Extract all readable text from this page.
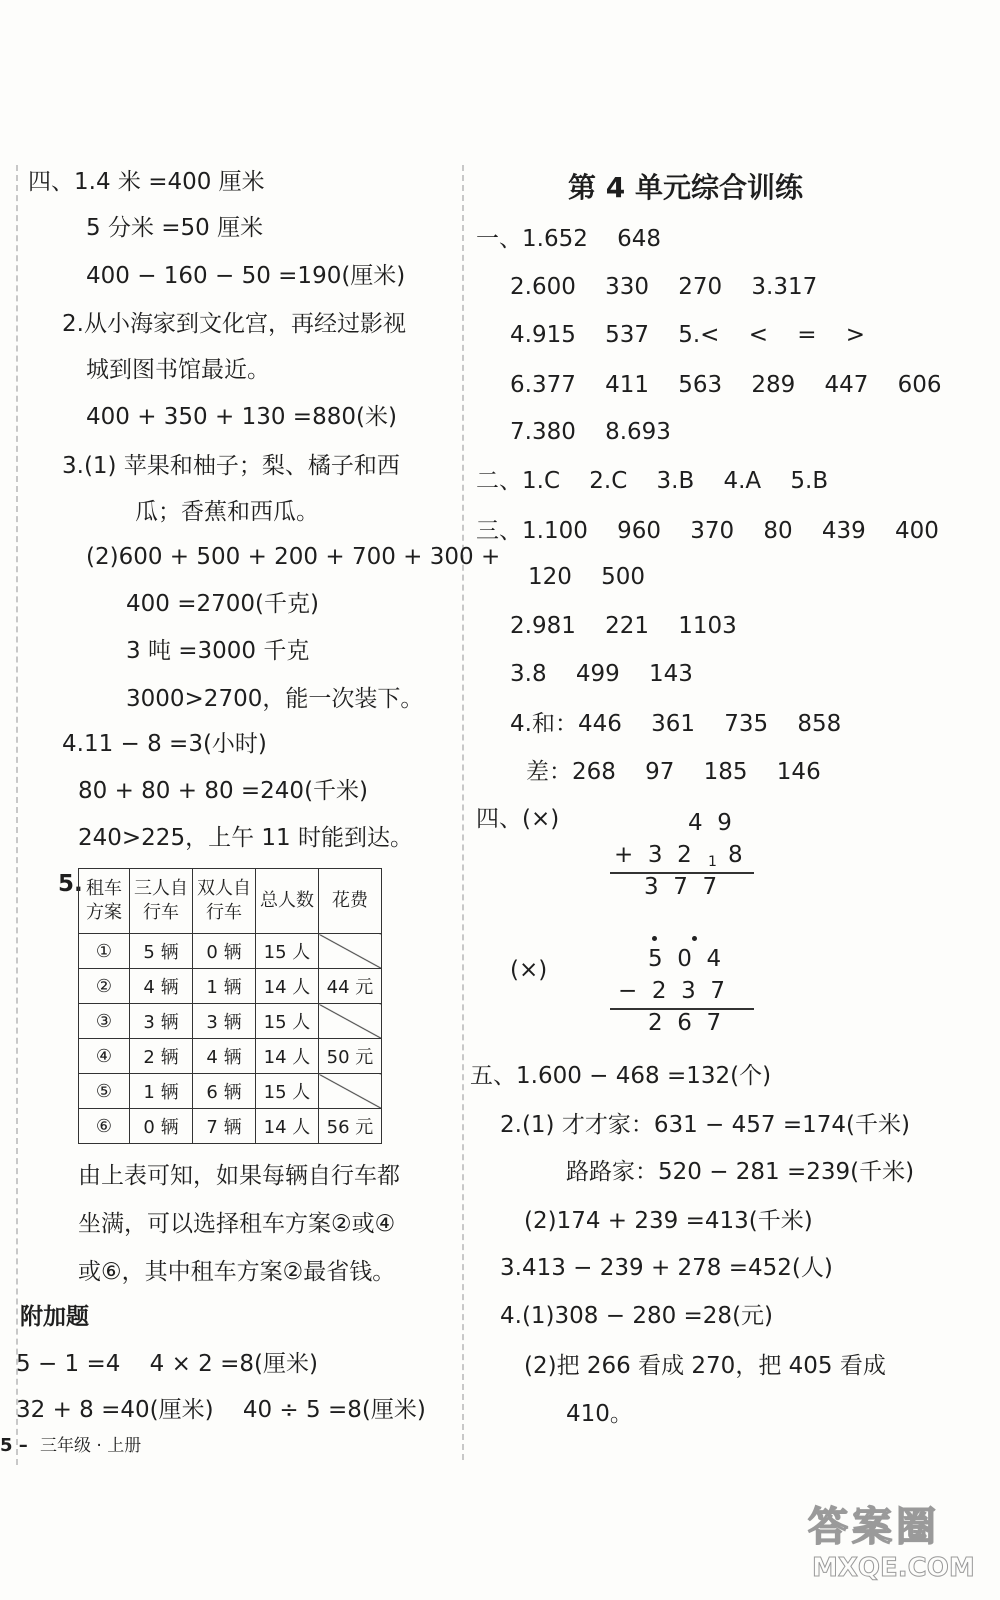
四、1.4 米 =400 厘米
5 分米 =50 厘米
400 − 160 − 50 =190(厘米)
2.从小海家到文化宫，再经过影视
城到图书馆最近。
400 + 350 + 130 =880(米)
3.(1) 苹果和柚子；梨、橘子和西
瓜；香蕉和西瓜。
(2)600 + 500 + 200 + 700 + 300 +
400 =2700(千克)
3 吨 =3000 千克
3000>2700，能一次装下。
4.11 − 8 =3(小时)
80 + 80 + 80 =240(千米)
240>225，上午 11 时能到达。
5. 租车方案	三人自行车	双人自行车	总人数	花费
①	5 辆	0 辆	15 人	
②	4 辆	1 辆	14 人	44 元
③	3 辆	3 辆	15 人	
④	2 辆	4 辆	14 人	50 元
⑤	1 辆	6 辆	15 人	
⑥	0 辆	7 辆	14 人	56 元
由上表可知，如果每辆自行车都
坐满，可以选择租车方案②或④
或⑥，其中租车方案②最省钱。
附加题
5 − 1 =4    4 × 2 =8(厘米)
32 + 8 =40(厘米)    40 ÷ 5 =8(厘米)
第 4 单元综合训练
一、1.652    648
2.600    330    270    3.317
4.915    537    5.<    <    =    >
6.377    411    563    289    447    606
7.380    8.693
二、1.C    2.C    3.B    4.A    5.B
三、1.100    960    370    80    439    400
120    500
2.981    221    1103
3.8    499    143
4.和：446    361    735    858
差：268    97    185    146
四、(×)	4  9
+  3  2 1 8
3  7  7
(×)	5  0  4
−  2  3  7
2  6  7
五、1.600 − 468 =132(个)
2.(1) 才才家：631 − 457 =174(千米)
路路家：520 − 281 =239(千米)
(2)174 + 239 =413(千米)
3.413 − 239 + 278 =452(人)
4.(1)308 − 280 =28(元)
(2)把 266 看成 270，把 405 看成
410。
5 – 三年级 · 上册
答案圈
MXQE.COM
